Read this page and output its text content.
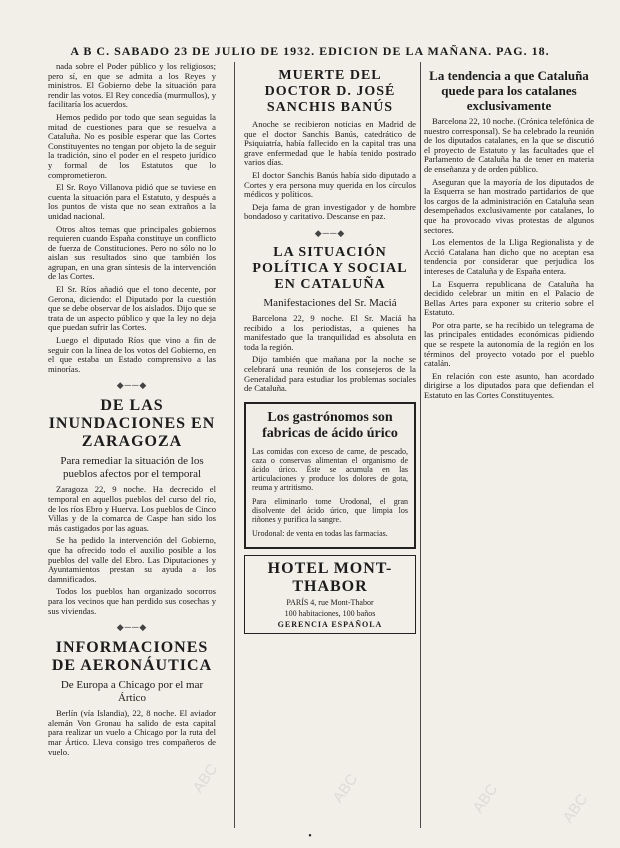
A B C. SABADO 23 DE JULIO DE 1932. EDICION DE LA MAÑANA. PAG. 18.

nada sobre el Poder público y los religiosos; pero sí, en que se admita a los Reyes y ministros. El Gobierno debe la situación para rendir las votos. El Rey concedía (murmullos), y facilitaría los acuerdos.

Hemos pedido por todo que sean seguidas la mitad de cuestiones para que se resuelva a Cataluña. No es posible esperar que las Cortes Constituyentes no tengan por objeto la de seguir la tradición, sino el poder en el respeto jurídico y formal de los Estatutos que lo comprometieron.

El Sr. Royo Villanova pidió que se tuviese en cuenta la situación para el Estatuto, y después a los puntos de vista que no sean extraños a la unidad nacional.

Otros altos temas que principales gobiernos requieren cuando España constituye un conflicto de fuerza de Constituciones. Pero no sólo no lo aislan sus resultados sino que también los agrupan, en una gran síntesis de la intervención de las Cortes.

El Sr. Ríos añadió que el tono decente, por Gerona, diciendo: el Diputado por la cuestión que se debe observar de los aislados. Dijo que se trata de un aspecto público y que la ley no deja que puedan sufrir las Cortes.

Luego el diputado Ríos que vino a fin de seguir con la línea de los votos del Gobierno, en el que estaba un Estado comprensivo a las minorías.

◆──◆
DE LAS INUNDACIONES EN ZARAGOZA
Para remediar la situación de los pueblos afectos por el temporal

Zaragoza 22, 9 noche. Ha decrecido el temporal en aquellos pueblos del curso del río, de los ríos Ebro y Huerva. Los pueblos de Cinco Villas y de la comarca de Caspe han sido los más castigados por las aguas.

Se ha pedido la intervención del Gobierno, que ha ofrecido todo el auxilio posible a los pueblos del valle del Ebro. Las Diputaciones y Ayuntamientos prestan su ayuda a los damnificados.

Todos los pueblos han organizado socorros para los vecinos que han perdido sus cosechas y sus viviendas.

◆──◆
INFORMACIONES DE AERONÁUTICA
De Europa a Chicago por el mar Ártico

Berlín (vía Islandia), 22, 8 noche. El aviador alemán Von Gronau ha salido de esta capital para realizar un vuelo a Chicago por la ruta del mar Ártico. Lleva consigo tres compañeros de vuelo.

MUERTE DEL DOCTOR D. JOSÉ SANCHIS BANÚS

Anoche se recibieron noticias en Madrid de que el doctor Sanchis Banús, catedrático de Psiquiatría, había fallecido en la capital tras una grave enfermedad que le había tenido postrado varios días.

El doctor Sanchis Banús había sido diputado a Cortes y era persona muy querida en los círculos médicos y políticos.

Deja fama de gran investigador y de hombre bondadoso y caritativo. Descanse en paz.

◆──◆
LA SITUACIÓN POLÍTICA Y SOCIAL EN CATALUÑA
Manifestaciones del Sr. Maciá

Barcelona 22, 9 noche. El Sr. Maciá ha recibido a los periodistas, a quienes ha manifestado que la tranquilidad es absoluta en toda la región.

Dijo también que mañana por la noche se celebrará una reunión de los consejeros de la Generalidad para estudiar los problemas sociales de Cataluña.

Los gastrónomos son fabricas de ácido úrico

Las comidas con exceso de carne, de pescado, caza o conservas alimentan el organismo de ácido úrico. Éste se acumula en las articulaciones y produce los dolores de gota, reuma y artritismo.

Para eliminarlo tome Urodonal, el gran disolvente del ácido úrico, que limpia los riñones y purifica la sangre.

Urodonal: de venta en todas las farmacias.

HOTEL MONT-THABOR
PARÍS 4, rue Mont-Thabor
100 habitaciones, 100 baños
GERENCIA ESPAÑOLA
La tendencia a que Cataluña quede para los catalanes exclusivamente

Barcelona 22, 10 noche. (Crónica telefónica de nuestro corresponsal). Se ha celebrado la reunión de los diputados catalanes, en la que se discutió el proyecto de Estatuto y las facultades que el Parlamento de Cataluña ha de tener en materia de enseñanza y de orden público.

Aseguran que la mayoría de los diputados de la Esquerra se han mostrado partidarios de que los cargos de la administración en Cataluña sean desempeñados exclusivamente por catalanes, lo que ha provocado vivas protestas de algunos sectores.

Los elementos de la Lliga Regionalista y de Acció Catalana han dicho que no aceptan esa tendencia por considerar que perjudica los intereses de Cataluña y de España entera.

La Esquerra republicana de Cataluña ha decidido celebrar un mitin en el Palacio de Bellas Artes para exponer su criterio sobre el Estatuto.

Por otra parte, se ha recibido un telegrama de las principales entidades económicas pidiendo que se respete la autonomía de la región en los términos del proyecto votado por el pueblo catalán.

En relación con este asunto, han acordado dirigirse a los diputados para que defiendan el Estatuto en las Cortes Constituyentes.

•
ABC	ABC	ABC	ABC
